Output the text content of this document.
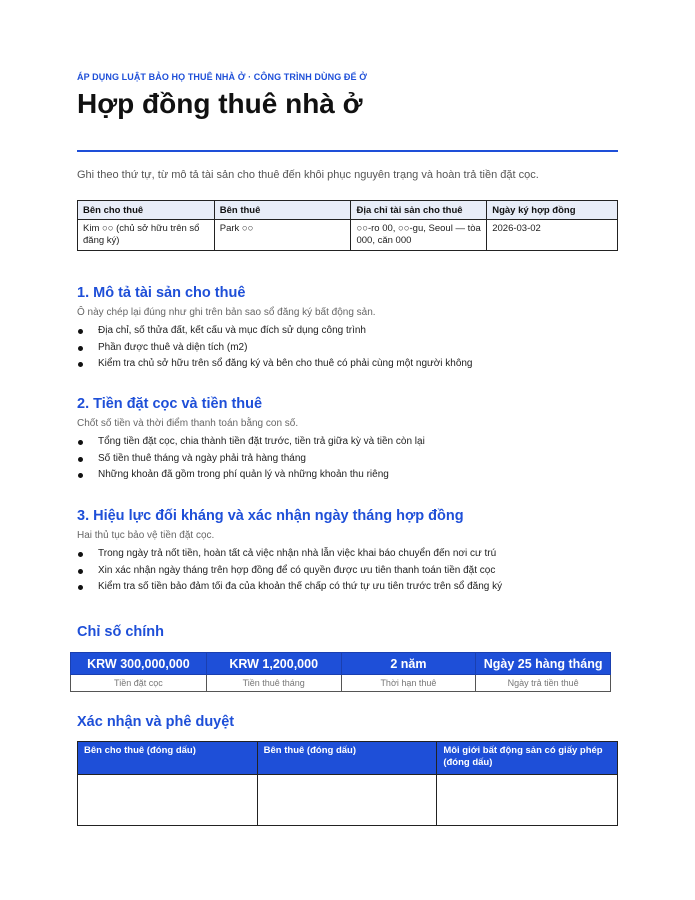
ÁP DỤNG LUẬT BẢO HỌ THUÊ NHÀ Ở · CÔNG TRÌNH DÙNG ĐỂ Ở
Hợp đồng thuê nhà ở

Ghi theo thứ tự, từ mô tả tài sản cho thuê đến khôi phục nguyên trạng và hoàn trả tiền đặt cọc.

Bên cho thuê	Bên thuê	Địa chỉ tài sản cho thuê	Ngày ký hợp đồng
Kim ○○ (chủ sở hữu trên sổ đăng ký)	Park ○○	○○-ro 00, ○○-gu, Seoul — tòa 000, căn 000	2026-03-02
1. Mô tả tài sản cho thuê

Ô này chép lại đúng như ghi trên bản sao sổ đăng ký bất động sản.

Địa chỉ, số thửa đất, kết cấu và mục đích sử dụng công trình
Phần được thuê và diện tích (m2)
Kiểm tra chủ sở hữu trên sổ đăng ký và bên cho thuê có phải cùng một người không
2. Tiền đặt cọc và tiền thuê

Chốt số tiền và thời điểm thanh toán bằng con số.

Tổng tiền đặt cọc, chia thành tiền đặt trước, tiền trả giữa kỳ và tiền còn lại
Số tiền thuê tháng và ngày phải trả hàng tháng
Những khoản đã gồm trong phí quản lý và những khoản thu riêng
3. Hiệu lực đối kháng và xác nhận ngày tháng hợp đồng

Hai thủ tục bảo vệ tiền đặt cọc.

Trong ngày trả nốt tiền, hoàn tất cả việc nhận nhà lẫn việc khai báo chuyển đến nơi cư trú
Xin xác nhận ngày tháng trên hợp đồng để có quyền được ưu tiên thanh toán tiền đặt cọc
Kiểm tra số tiền bảo đảm tối đa của khoản thế chấp có thứ tự ưu tiên trước trên sổ đăng ký
Chỉ số chính
KRW 300,000,000	KRW 1,200,000	2 năm	Ngày 25 hàng tháng
Tiền đặt cọc	Tiền thuê tháng	Thời hạn thuê	Ngày trả tiền thuê
Xác nhận và phê duyệt
Bên cho thuê (đóng dấu)	Bên thuê (đóng dấu)	Môi giới bất động sản có giấy phép (đóng dấu)
